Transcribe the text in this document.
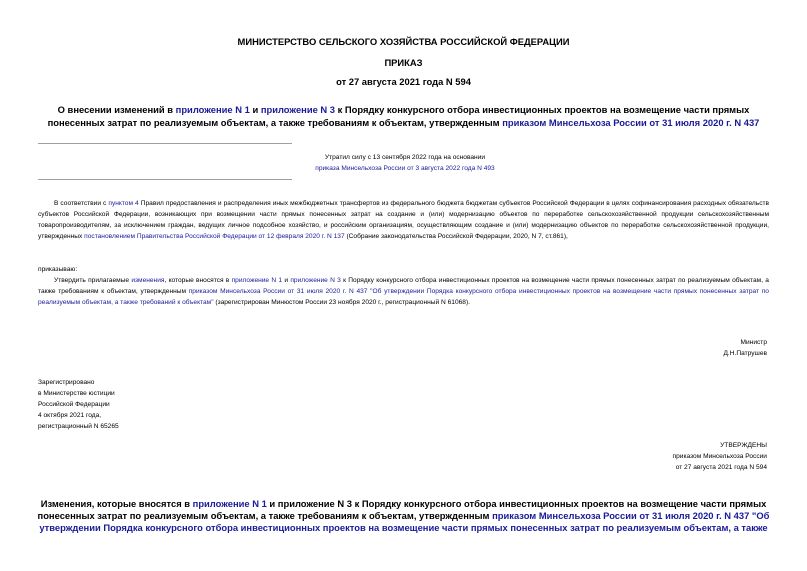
МИНИСТЕРСТВО СЕЛЬСКОГО ХОЗЯЙСТВА РОССИЙСКОЙ ФЕДЕРАЦИИ
ПРИКАЗ
от 27 августа 2021 года N 594
О внесении изменений в приложение N 1 и приложение N 3 к Порядку конкурсного отбора инвестиционных проектов на возмещение части прямых понесенных затрат по реализуемым объектам, а также требованиям к объектам, утвержденным приказом Минсельхоза России от 31 июля 2020 г. N 437
Утратил силу с 13 сентября 2022 года на основании
приказа Минсельхоза России от 3 августа 2022 года N 493
В соответствии с пунктом 4 Правил предоставления и распределения иных межбюджетных трансфертов из федерального бюджета бюджетам субъектов Российской Федерации в целях софинансирования расходных обязательств субъектов Российской Федерации, возникающих при возмещении части прямых понесенных затрат на создание и (или) модернизацию объектов по переработке сельскохозяйственной продукции сельскохозяйственным товаропроизводителям, за исключением граждан, ведущих личное подсобное хозяйство, и российским организациям, осуществляющим создание и (или) модернизацию объектов по переработке сельскохозяйственной продукции, утвержденных постановлением Правительства Российской Федерации от 12 февраля 2020 г. N 137 (Собрание законодательства Российской Федерации, 2020, N 7, ст.861),
приказываю:
Утвердить прилагаемые изменения, которые вносятся в приложение N 1 и приложение N 3 к Порядку конкурсного отбора инвестиционных проектов на возмещение части прямых понесенных затрат по реализуемым объектам, а также требованиям к объектам, утвержденным приказом Минсельхоза России от 31 июля 2020 г. N 437 "Об утверждении Порядка конкурсного отбора инвестиционных проектов на возмещение части прямых понесенных затрат по реализуемым объектам, а также требований к объектам" (зарегистрирован Минюстом России 23 ноября 2020 г., регистрационный N 61068).
Министр
Д.Н.Патрушев
Зарегистрировано
в Министерстве юстиции
Российской Федерации
4 октября 2021 года,
регистрационный N 65265
УТВЕРЖДЕНЫ
приказом Минсельхоза России
от 27 августа 2021 года N 594
Изменения, которые вносятся в приложение N 1 и приложение N 3 к Порядку конкурсного отбора инвестиционных проектов на возмещение части прямых понесенных затрат по реализуемым объектам, а также требованиям к объектам, утвержденным приказом Минсельхоза России от 31 июля 2020 г. N 437 "Об утверждении Порядка конкурсного отбора инвестиционных проектов на возмещение части прямых понесенных затрат по реализуемым объектам, а также
